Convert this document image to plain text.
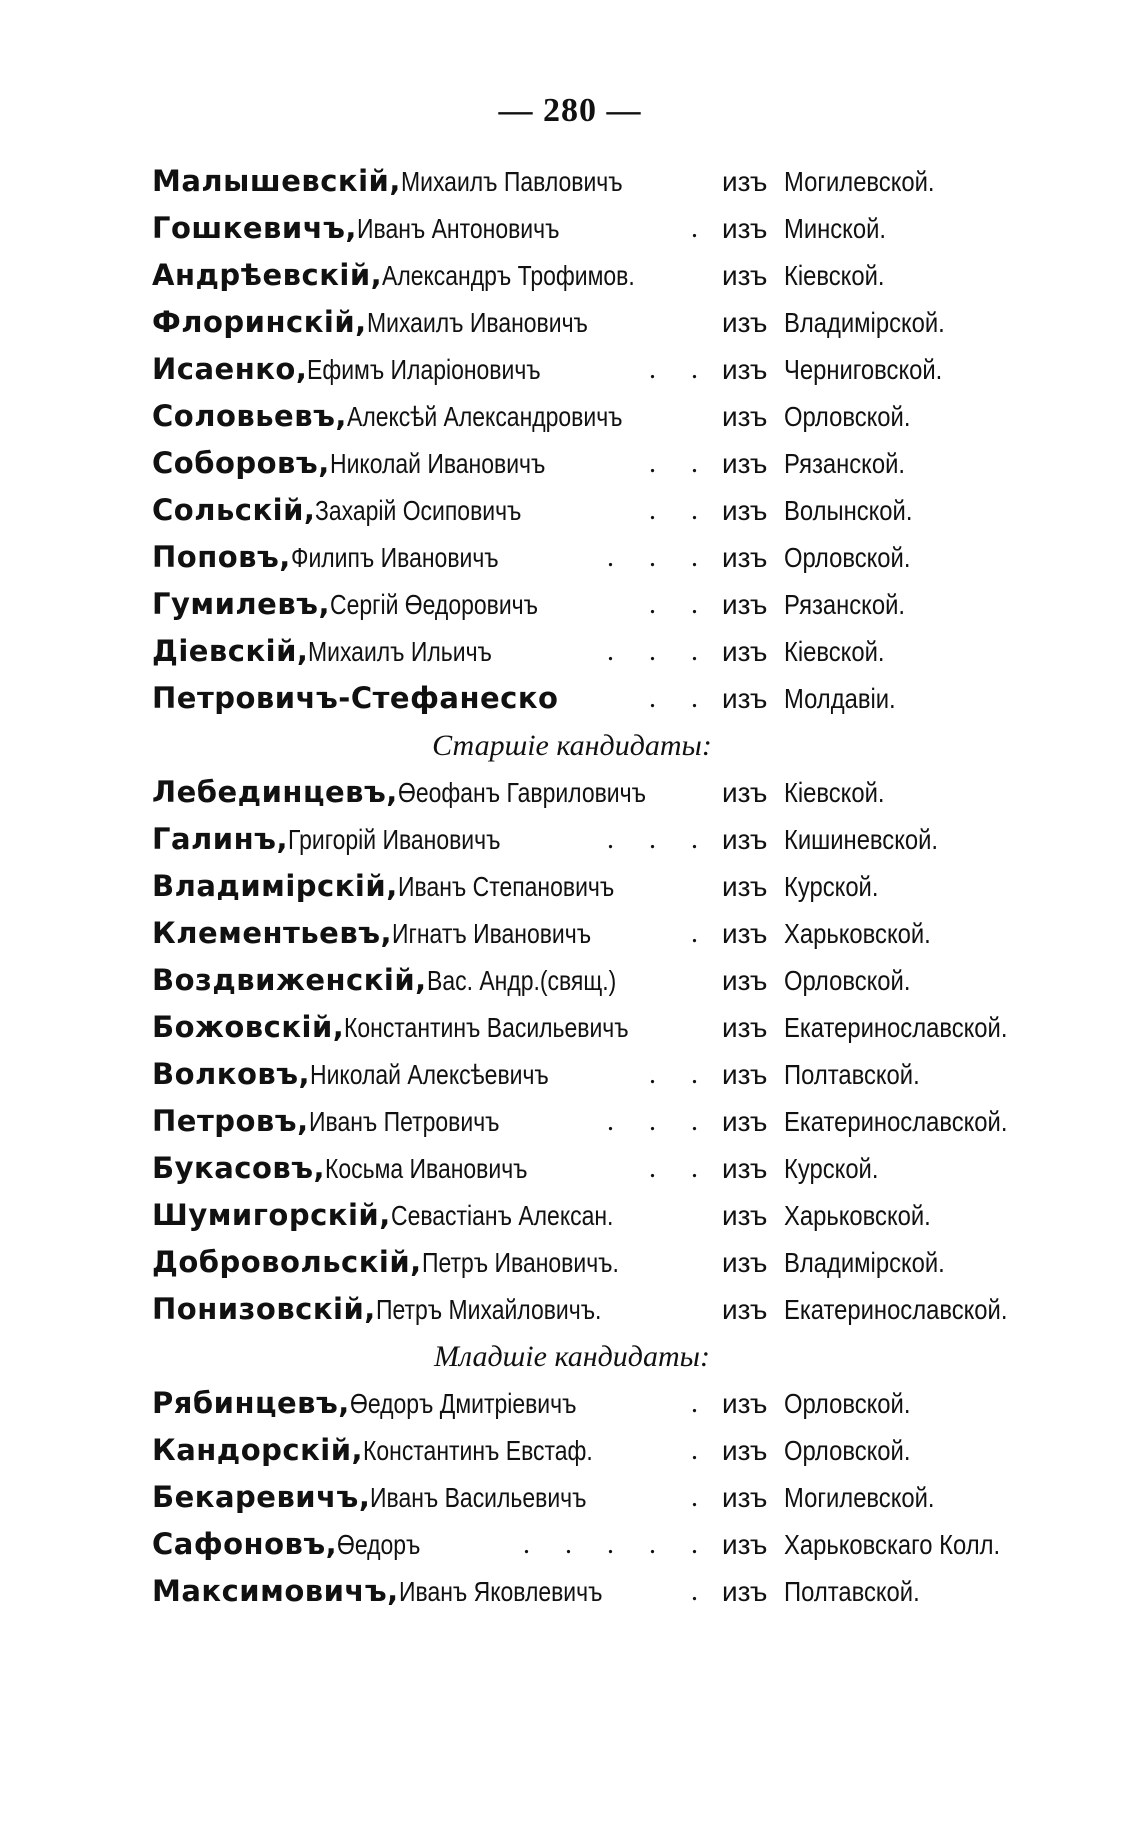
— 280 —
Малышевскій,Михаилъ Павловичъ	изъ Могилевской.
Гошкевичъ,Иванъ Антоновичъ	. изъ Минской.
Андрѣевскій,Александръ Трофимов.	изъ Кіевской.
Флоринскій,Михаилъ Ивановичъ	изъ Владимірской.
Исаенко,Ефимъ Иларіоновичъ	. . изъ Черниговской.
Соловьевъ,Алексѣй Александровичъ	изъ Орловской.
Соборовъ,Николай Ивановичъ	. . изъ Рязанской.
Сольскій,Захарій Осиповичъ	. . изъ Волынской.
Поповъ,Филипъ Ивановичъ	. . . изъ Орловской.
Гумилевъ,Сергій Өедоровичъ	. . изъ Рязанской.
Діевскій,Михаилъ Ильичъ	. . . изъ Кіевской.
Петровичъ-Стефанеско	. . изъ Молдавіи.
Старшіе кандидаты:
Лебединцевъ,Өеофанъ Гавриловичъ	изъ Кіевской.
Галинъ,Григорій Ивановичъ	. . . изъ Кишиневской.
Владимірскій,Иванъ Степановичъ	изъ Курской.
Клементьевъ,Игнатъ Ивановичъ	. изъ Харьковской.
Воздвиженскій,Вас. Андр.(свящ.)	изъ Орловской.
Божовскій,Константинъ Васильевичъ	изъ Екатеринославской.
Волковъ,Николай Алексѣевичъ	. . изъ Полтавской.
Петровъ,Иванъ Петровичъ	. . . изъ Екатеринославской.
Букасовъ,Косьма Ивановичъ	. . изъ Курской.
Шумигорскій,Севастіанъ Алексан.	изъ Харьковской.
Добровольскій,Петръ Ивановичъ.	изъ Владимірской.
Понизовскій,Петръ Михайловичъ.	изъ Екатеринославской.
Младшіе кандидаты:
Рябинцевъ,Өедоръ Дмитріевичъ	. изъ Орловской.
Кандорскій,Константинъ Евстаф.	. изъ Орловской.
Бекаревичъ,Иванъ Васильевичъ	. изъ Могилевской.
Сафоновъ,Өедоръ	. . . . . изъ Харьковскаго Колл.
Максимовичъ,Иванъ Яковлевичъ	. изъ Полтавской.
